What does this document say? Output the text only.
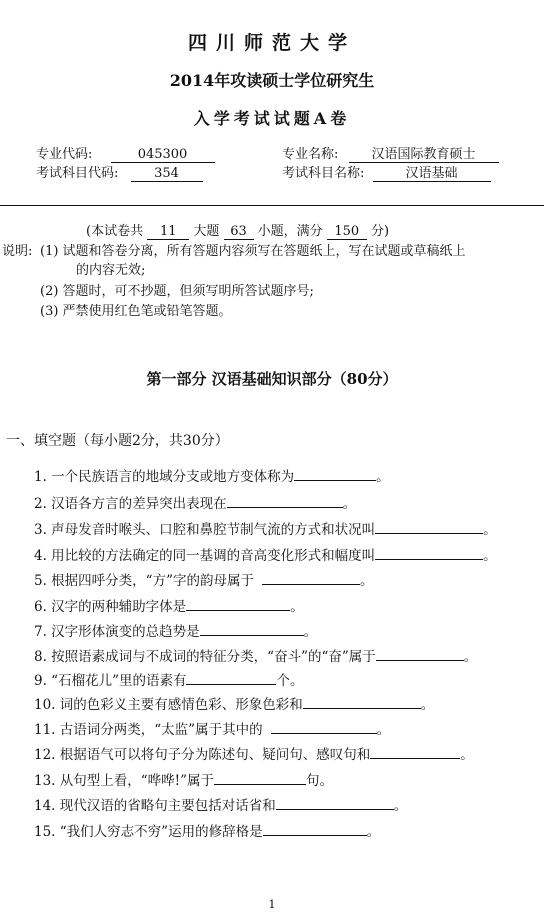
四川师范大学
2014年攻读硕士学位研究生
入学考试试题A卷
专业代码:	045300	专业名称:	汉语国际教育硕士
考试科目代码:	354	考试科目名称:	汉语基础
(本试卷共 11 大题 63 小题，满分 150 分)
说明: (1) 试题和答卷分离，所有答题内容须写在答题纸上，写在试题或草稿纸上
的内容无效;
(2) 答题时，可不抄题，但须写明所答试题序号;
(3) 严禁使用红色笔或铅笔答题。
第一部分 汉语基础知识部分（80分）
一、填空题（每小题2分，共30分）
1. 一个民族语言的地域分支或地方变体称为	。
2. 汉语各方言的差异突出表现在	。
3. 声母发音时喉头、口腔和鼻腔节制气流的方式和状况叫	。
4. 用比较的方法确定的同一基调的音高变化形式和幅度叫	。
5. 根据四呼分类，“方”字的韵母属于	。
6. 汉字的两种辅助字体是	。
7. 汉字形体演变的总趋势是	。
8. 按照语素成词与不成词的特征分类，“奋斗”的“奋”属于	。
9. “石榴花儿”里的语素有	个。
10. 词的色彩义主要有感情色彩、形象色彩和	。
11. 古语词分两类，“太监”属于其中的	。
12. 根据语气可以将句子分为陈述句、疑问句、感叹句和	。
13. 从句型上看，“哗哗!”属于	句。
14. 现代汉语的省略句主要包括对话省和	。
15. “我们人穷志不穷”运用的修辞格是	。
1
